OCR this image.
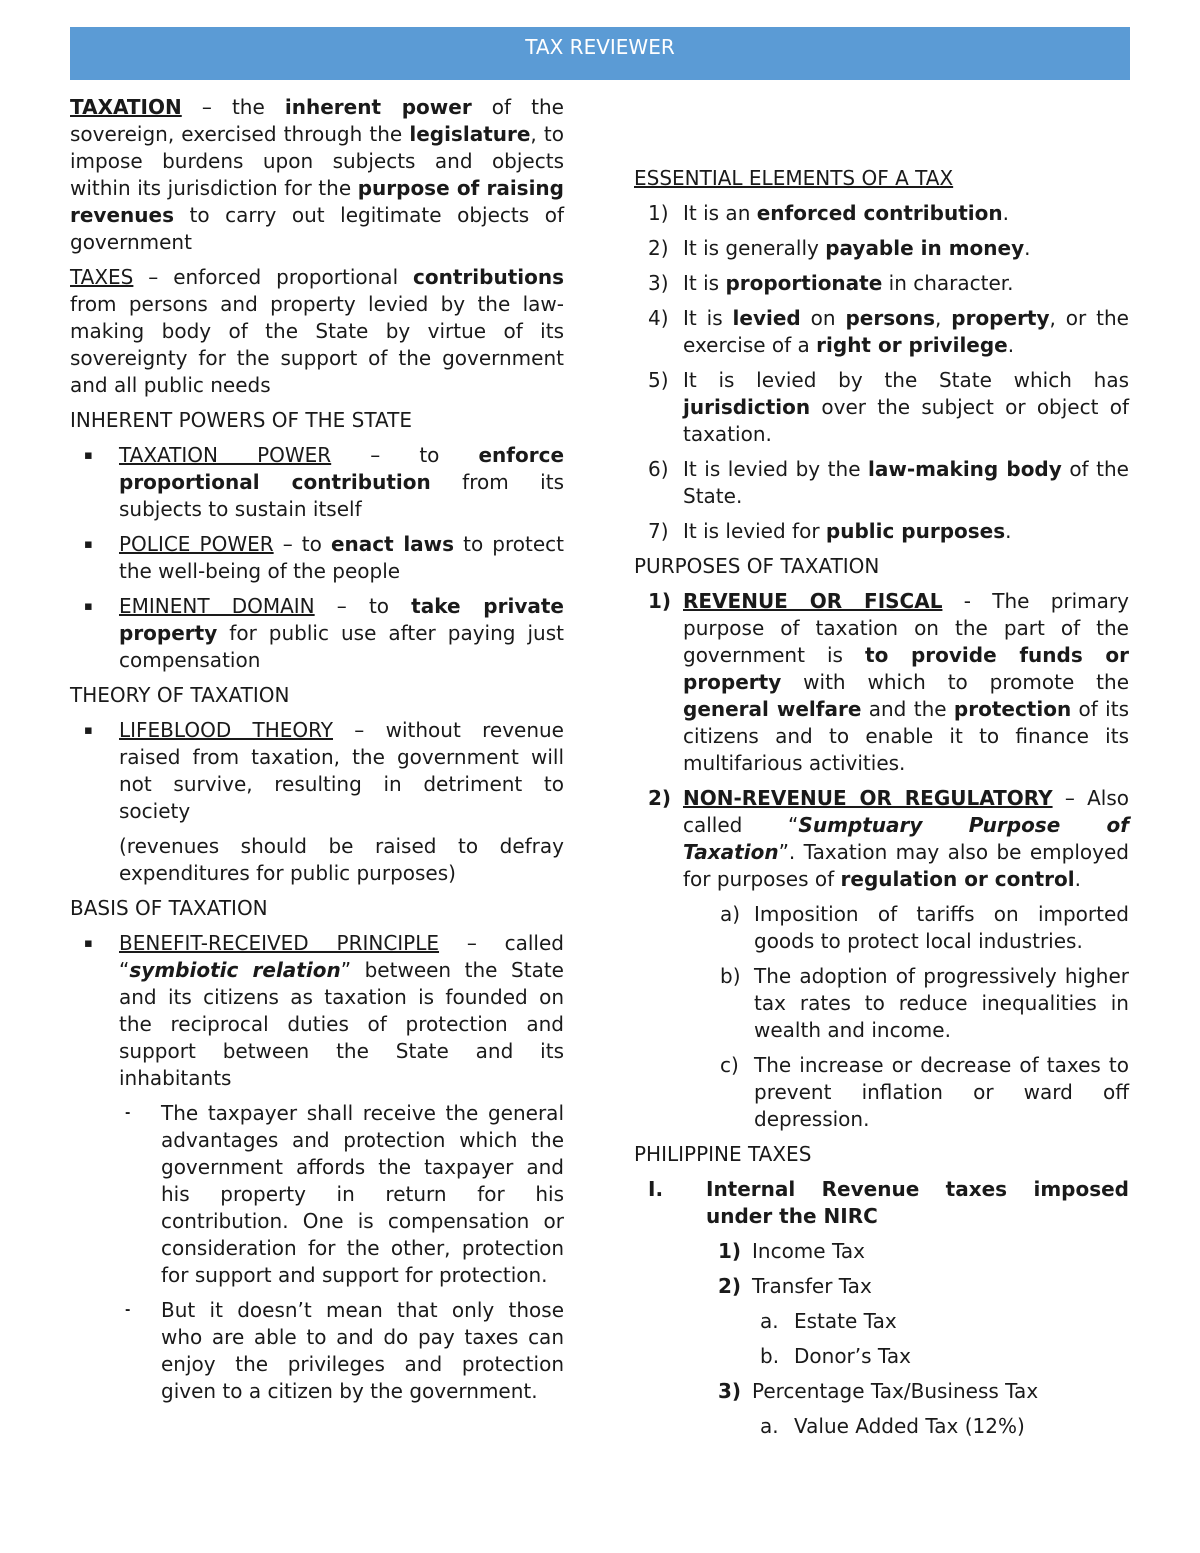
TAX REVIEWER

TAXATION – the inherent power of the sovereign, exercised through the legislature, to impose burdens upon subjects and objects within its jurisdiction for the purpose of raising revenues to carry out legitimate objects of government

TAXES – enforced proportional contributions from persons and property levied by the law-making body of the State by virtue of its sovereignty for the support of the government and all public needs

INHERENT POWERS OF THE STATE
▪ TAXATION POWER – to enforce proportional contribution from its subjects to sustain itself
▪ POLICE POWER – to enact laws to protect the well-being of the people
▪ EMINENT DOMAIN – to take private property for public use after paying just compensation
THEORY OF TAXATION
▪ LIFEBLOOD THEORY – without revenue raised from taxation, the government will not survive, resulting in detriment to society
(revenues should be raised to defray expenditures for public purposes)
BASIS OF TAXATION
▪ BENEFIT-RECEIVED PRINCIPLE – called “symbiotic relation” between the State and its citizens as taxation is founded on the reciprocal duties of protection and support between the State and its inhabitants
- The taxpayer shall receive the general advantages and protection which the government affords the taxpayer and his property in return for his contribution. One is compensation or consideration for the other, protection for support and support for protection.
- But it doesn’t mean that only those who are able to and do pay taxes can enjoy the privileges and protection given to a citizen by the government.
ESSENTIAL ELEMENTS OF A TAX
1) It is an enforced contribution.
2) It is generally payable in money.
3) It is proportionate in character.
4) It is levied on persons, property, or the exercise of a right or privilege.
5) It is levied by the State which has jurisdiction over the subject or object of taxation.
6) It is levied by the law-making body of the State.
7) It is levied for public purposes.
PURPOSES OF TAXATION
1) REVENUE OR FISCAL - The primary purpose of taxation on the part of the government is to provide funds or property with which to promote the general welfare and the protection of its citizens and to enable it to finance its multifarious activities.
2) NON-REVENUE OR REGULATORY – Also called “Sumptuary Purpose of Taxation”. Taxation may also be employed for purposes of regulation or control.
a) Imposition of tariffs on imported goods to protect local industries.
b) The adoption of progressively higher tax rates to reduce inequalities in wealth and income.
c) The increase or decrease of taxes to prevent inflation or ward off depression.
PHILIPPINE TAXES
I. Internal Revenue taxes imposed under the NIRC
1) Income Tax
2) Transfer Tax
a. Estate Tax
b. Donor’s Tax
3) Percentage Tax/Business Tax
a. Value Added Tax (12%)
